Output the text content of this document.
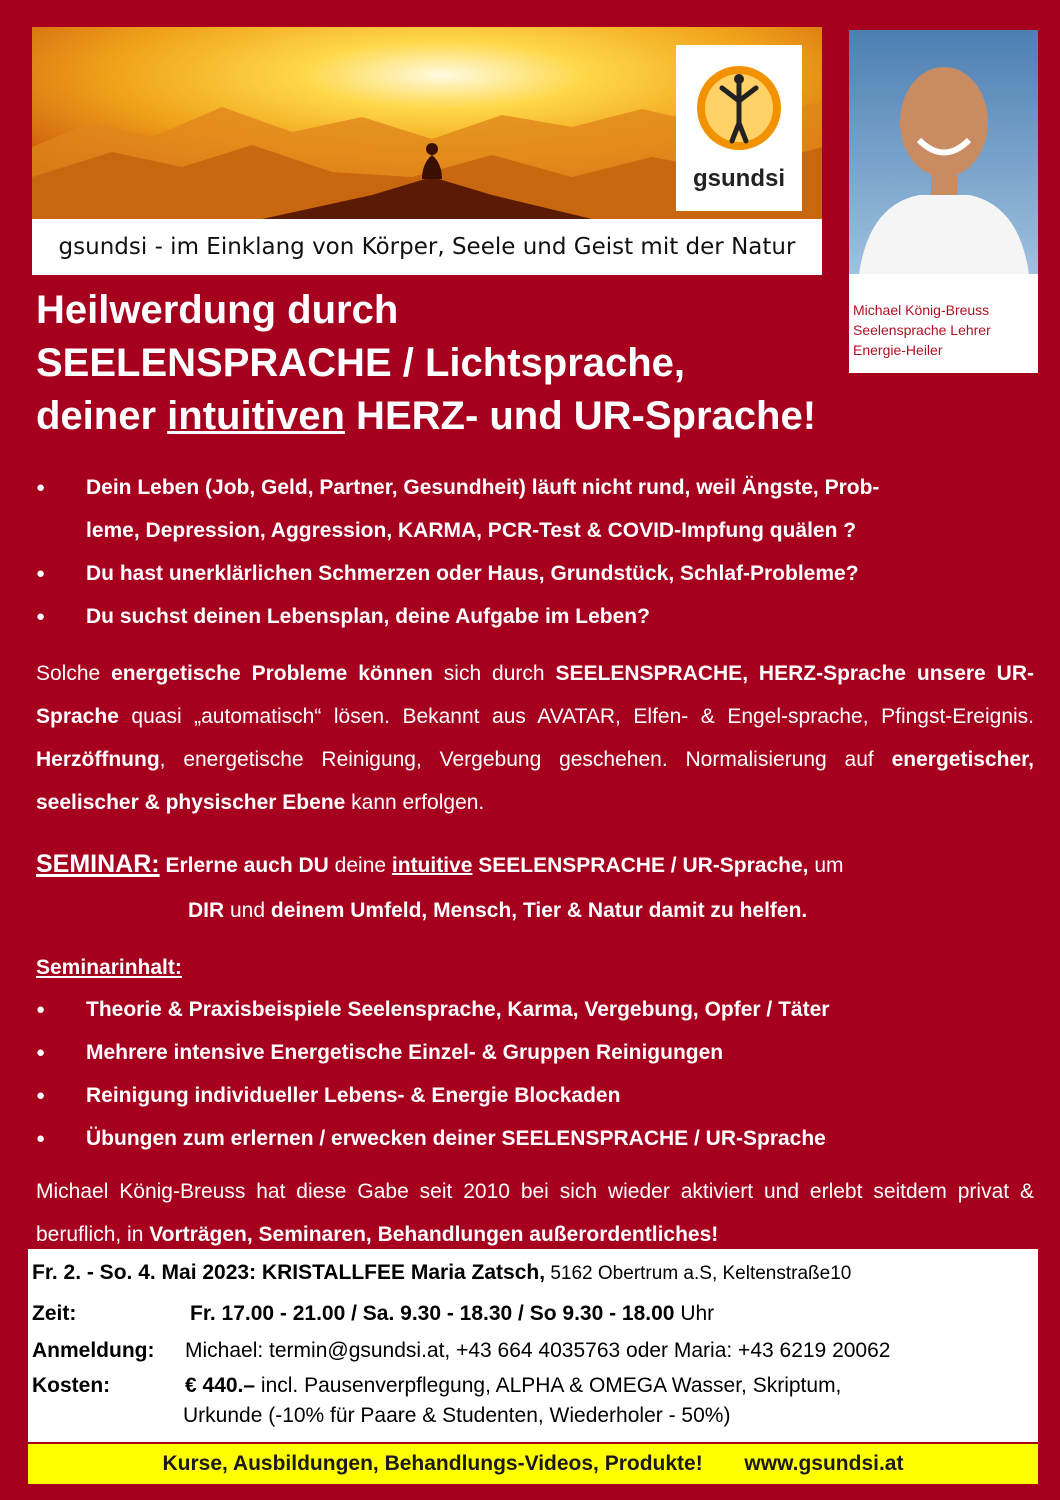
gsundsi
gsundsi - im Einklang von Körper, Seele und Geist mit der Natur
Michael König-Breuss
Seelensprache Lehrer
Energie-Heiler
Heilwerdung durch
SEELENSPRACHE / Lichtsprache,
deiner intuitiven HERZ- und UR-Sprache!
● Dein Leben (Job, Geld, Partner, Gesundheit) läuft nicht rund, weil Ängste, Prob-
leme, Depression, Aggression, KARMA, PCR-Test & COVID-Impfung quälen ?
● Du hast unerklärlichen Schmerzen oder Haus, Grundstück, Schlaf-Probleme?
● Du suchst deinen Lebensplan, deine Aufgabe im Leben?
Solche energetische Probleme können sich durch SEELENSPRACHE, HERZ-Sprache unsere UR-Sprache quasi „automatisch“ lösen. Bekannt aus AVATAR, Elfen- & Engel-sprache, Pfingst-Ereignis. Herzöffnung, energetische Reinigung, Vergebung geschehen. Normalisierung auf energetischer, seelischer & physischer Ebene kann erfolgen.
SEMINAR: Erlerne auch DU deine intuitive SEELENSPRACHE / UR-Sprache, um
DIR und deinem Umfeld, Mensch, Tier & Natur damit zu helfen.
Seminarinhalt:
● Theorie & Praxisbeispiele Seelensprache, Karma, Vergebung, Opfer / Täter
● Mehrere intensive Energetische Einzel- & Gruppen Reinigungen
● Reinigung individueller Lebens- & Energie Blockaden
● Übungen zum erlernen / erwecken deiner SEELENSPRACHE / UR-Sprache
Michael König-Breuss hat diese Gabe seit 2010 bei sich wieder aktiviert und erlebt seitdem privat & beruflich, in Vorträgen, Seminaren, Behandlungen außerordentliches!
Fr. 2. - So. 4. Mai 2023: KRISTALLFEE Maria Zatsch, 5162 Obertrum a.S, Keltenstraße10
Zeit:	Fr. 17.00 - 21.00 / Sa. 9.30 - 18.30 / So 9.30 - 18.00 Uhr
Anmeldung: Michael: termin@gsundsi.at, +43 664 4035763 oder Maria: +43 6219 20062
Kosten:	€ 440.– incl. Pausenverpflegung, ALPHA & OMEGA Wasser, Skriptum,
Urkunde (-10% für Paare & Studenten, Wiederholer - 50%)
Kurse, Ausbildungen, Behandlungs-Videos, Produkte! www.gsundsi.at
